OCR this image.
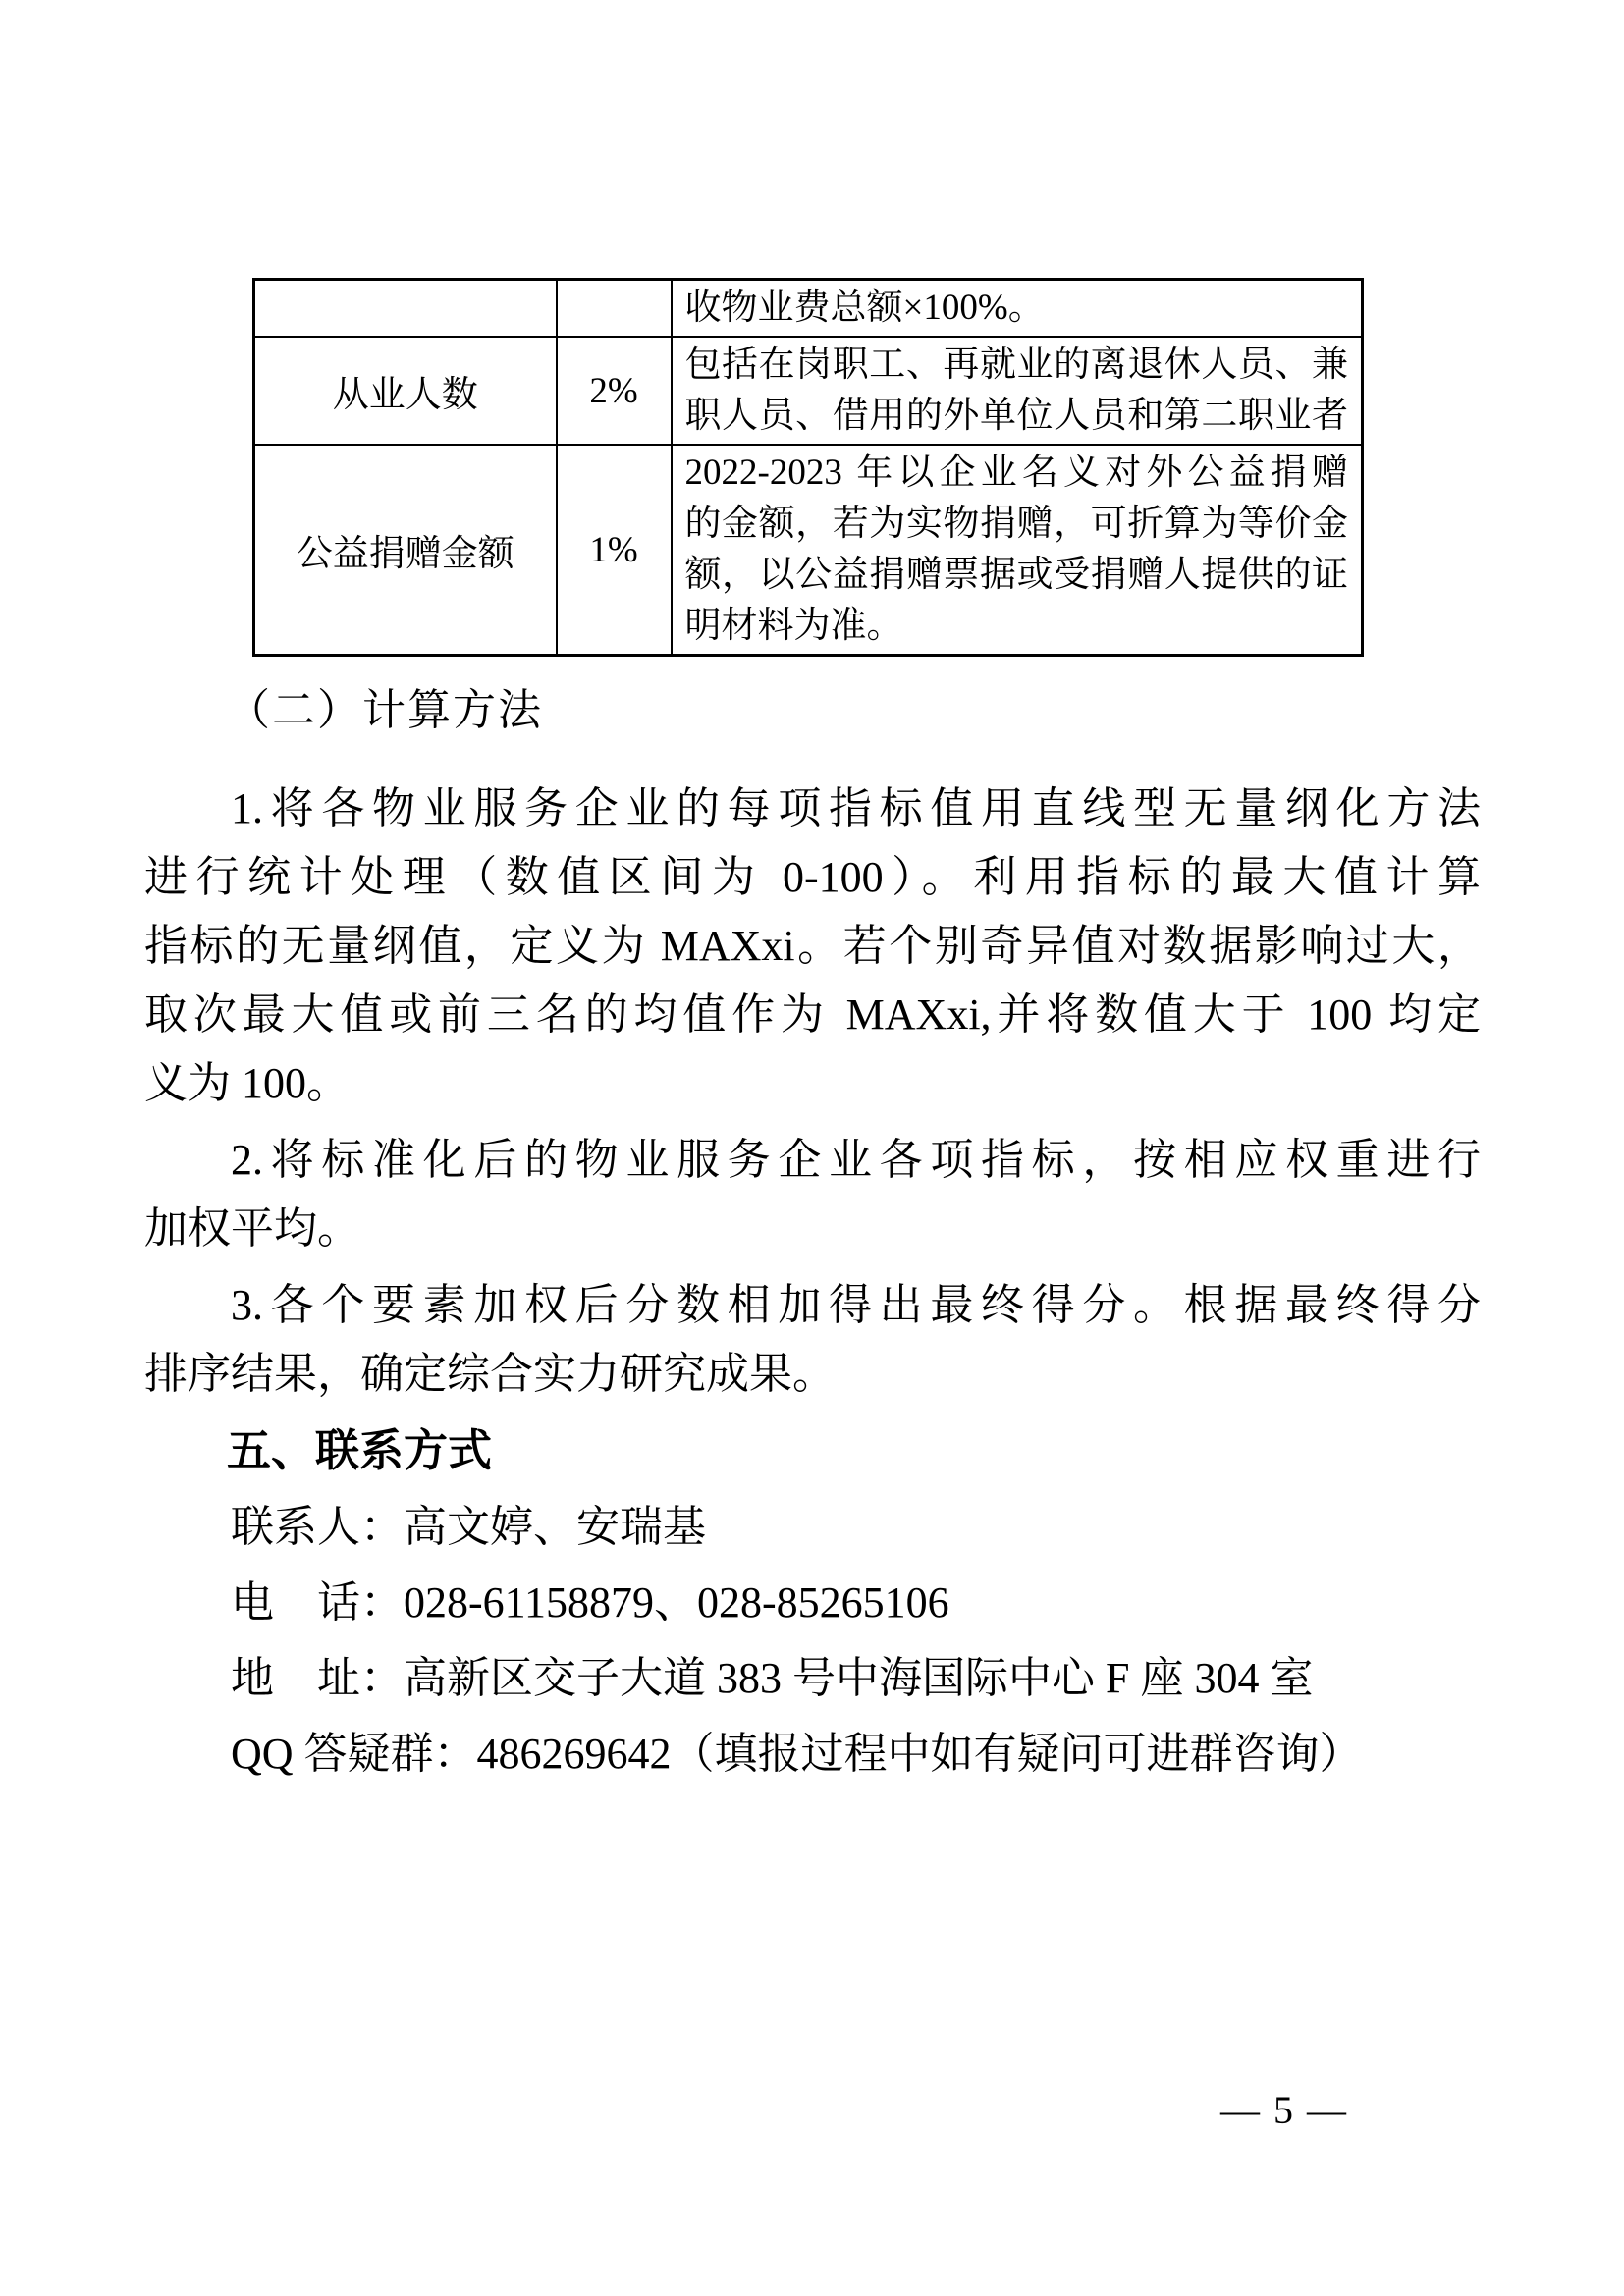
		收物业费总额×100%。

从业人数	2%	包括在岗职工、再就业的离退休人员、兼
职人员、借用的外单位人员和第二职业者

公益捐赠金额	1%	2022-2023 年以企业名义对外公益捐赠
的金额，若为实物捐赠，可折算为等价金
额，以公益捐赠票据或受捐赠人提供的证
明材料为准。
（二）计算方法
1.将各物业服务企业的每项指标值用直线型无量纲化方法
进行统计处理（数值区间为 0-100）。利用指标的最大值计算
指标的无量纲值，定义为 MAXxi。若个别奇异值对数据影响过大，
取次最大值或前三名的均值作为 MAXxi,并将数值大于 100 均定
义为 100。
2.将标准化后的物业服务企业各项指标，按相应权重进行
加权平均。
3.各个要素加权后分数相加得出最终得分。根据最终得分
排序结果，确定综合实力研究成果。
五、联系方式
联系人：高文婷、安瑞基
电　话：028-61158879、028-85265106
地　址：高新区交子大道 383 号中海国际中心 F 座 304 室
QQ 答疑群：486269642（填报过程中如有疑问可进群咨询）
— 5 —
